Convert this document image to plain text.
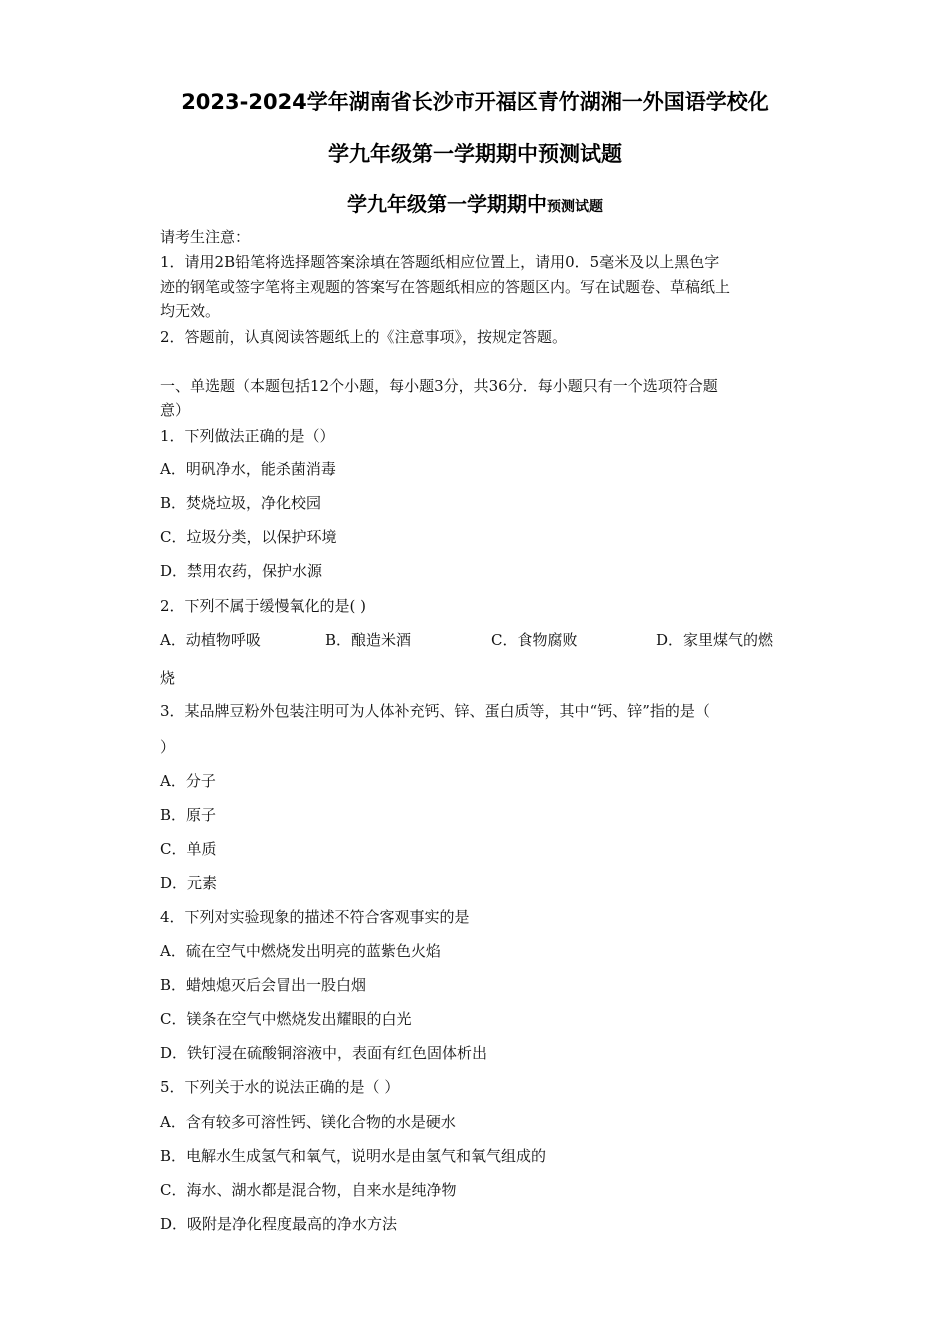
2023-2024学年湖南省长沙市开福区青竹湖湘一外国语学校化
学九年级第一学期期中预测试题
学九年级第一学期期中预测试题
请考生注意：
1．请用2B铅笔将选择题答案涂填在答题纸相应位置上，请用0．5毫米及以上黑色字
迹的钢笔或签字笔将主观题的答案写在答题纸相应的答题区内。写在试题卷、草稿纸上
均无效。
2．答题前，认真阅读答题纸上的《注意事项》，按规定答题。
一、单选题（本题包括12个小题，每小题3分，共36分．每小题只有一个选项符合题
意）
1．下列做法正确的是（）
A．明矾净水，能杀菌消毒
B．焚烧垃圾，净化校园
C．垃圾分类，以保护环境
D．禁用农药，保护水源
2．下列不属于缓慢氧化的是( )
A．动植物呼吸	B．酿造米酒	C．食物腐败	D．家里煤气的燃
烧
3．某品牌豆粉外包装注明可为人体补充钙、锌、蛋白质等，其中“钙、锌”指的是（
）
A．分子
B．原子
C．单质
D．元素
4．下列对实验现象的描述不符合客观事实的是
A．硫在空气中燃烧发出明亮的蓝紫色火焰
B．蜡烛熄灭后会冒出一股白烟
C．镁条在空气中燃烧发出耀眼的白光
D．铁钉浸在硫酸铜溶液中，表面有红色固体析出
5．下列关于水的说法正确的是（ ）
A．含有较多可溶性钙、镁化合物的水是硬水
B．电解水生成氢气和氧气，说明水是由氢气和氧气组成的
C．海水、湖水都是混合物，自来水是纯净物
D．吸附是净化程度最高的净水方法
